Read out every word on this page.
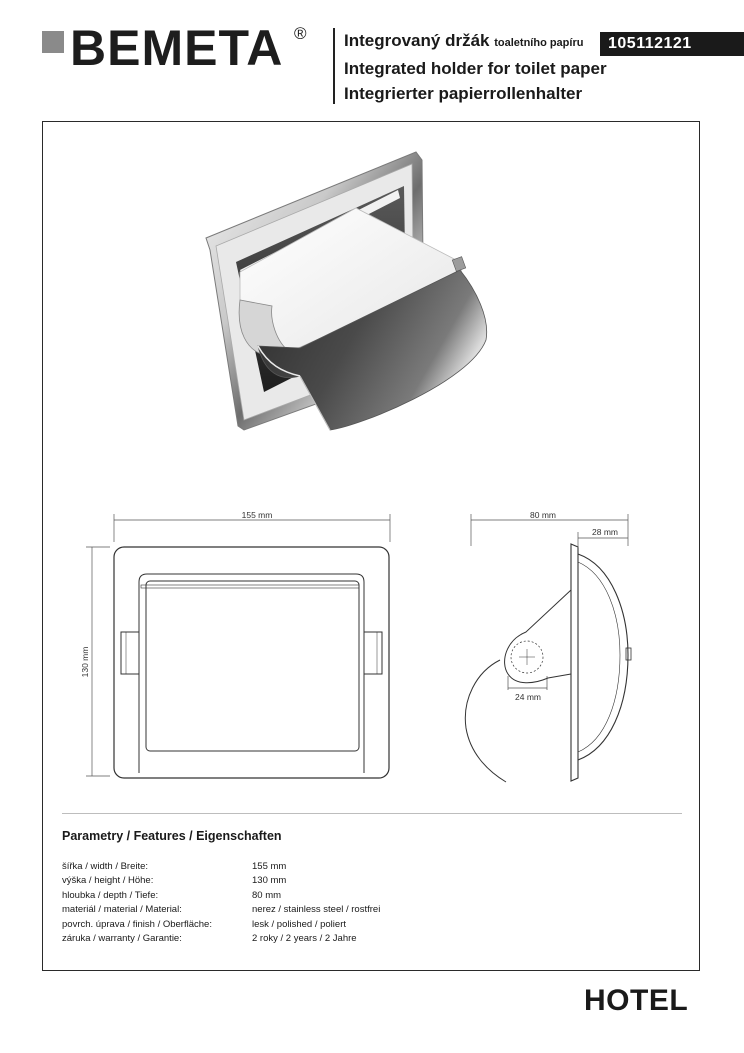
BEMETA ® Integrovaný držák toaletního papíru
Integrated holder for toilet paper
Integrierter papierrollenhalter
105112121
155 mm
130 mm
80 mm
28 mm
24 mm
Parametry / Features / Eigenschaften
šířka / width / Breite:	155 mm
výška / height / Höhe:	130 mm
hloubka / depth / Tiefe:	80 mm
materiál / material / Material:	nerez / stainless steel / rostfrei
povrch. úprava / finish / Oberfläche:	lesk / polished / poliert
záruka / warranty / Garantie:	2 roky / 2 years / 2 Jahre
HOTEL
